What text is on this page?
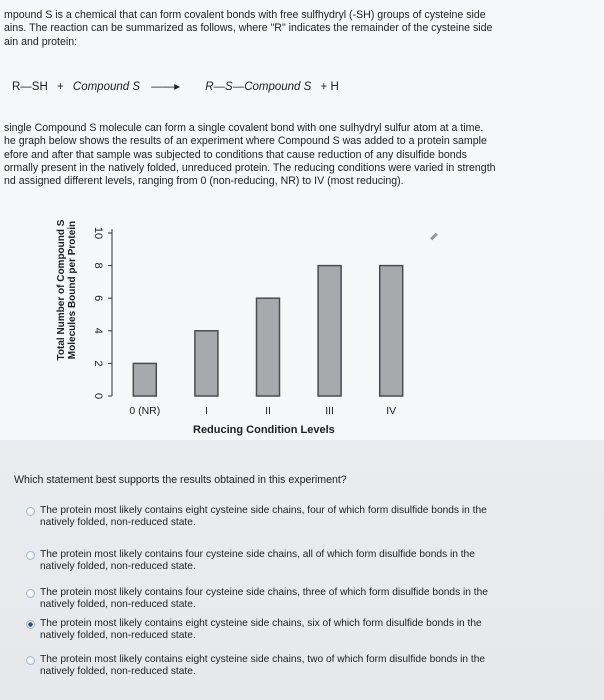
mpound S is a chemical that can form covalent bonds with free sulfhydryl (-SH) groups of cysteine side
ains. The reaction can be summarized as follows, where "R" indicates the remainder of the cysteine side
ain and protein:
R—SH + Compound S ——▸ R—S—Compound S + H
single Compound S molecule can form a single covalent bond with one sulhydryl sulfur atom at a time.
he graph below shows the results of an experiment where Compound S was added to a protein sample
efore and after that sample was subjected to conditions that cause reduction of any disulfide bonds
ormally present in the natively folded, unreduced protein. The reducing conditions were varied in strength
nd assigned different levels, ranging from 0 (non-reducing, NR) to IV (most reducing).
Total Number of Compound S Molecules Bound per Protein
0
2
4
6
8
10
0 (NR)	I	II	III	IV
Reducing Condition Levels
Which statement best supports the results obtained in this experiment?
The protein most likely contains eight cysteine side chains, four of which form disulfide bonds in the
natively folded, non-reduced state.
The protein most likely contains four cysteine side chains, all of which form disulfide bonds in the
natively folded, non-reduced state.
The protein most likely contains four cysteine side chains, three of which form disulfide bonds in the
natively folded, non-reduced state.
The protein most likely contains eight cysteine side chains, six of which form disulfide bonds in the
natively folded, non-reduced state.
The protein most likely contains eight cysteine side chains, two of which form disulfide bonds in the
natively folded, non-reduced state.
